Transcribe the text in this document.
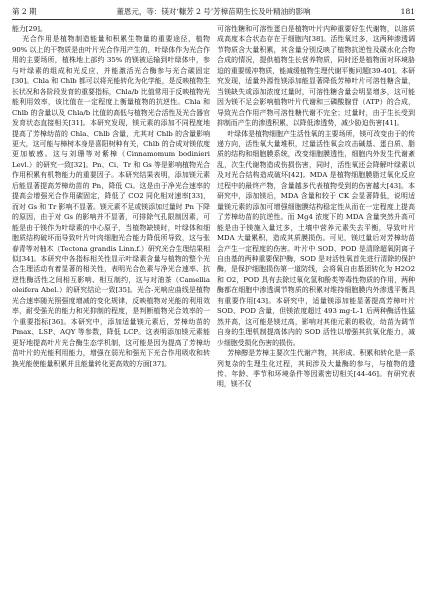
第 2 期	董恩元，等：镁对‘糠芳 2 号’芳樟苗期生长及叶精油的影响	181

能力[29]。

光合作用是植物制造能量和积累生物量的重要途径，植物 90% 以上的干物质是由叶片光合作用产生的，叶绿体作为光合作用的主要场所，植株地上部约 35% 的镁被运输到叶绿体中，参与叶绿素的组成和光反应，并能激活光合酶参与光合碳固定[30]。Chla 和 Chlb 都可以将光能转化为化学能，是反映植物生长状况和各阶段发育的重要指标，Chla/b 比值常用于反映植物光能利用效率，该比值在一定程度上衡量植物的抗逆性。Chla 和 Chlb 的含量以及 Chla/b 比值的高低与植物光合活性及光合器官发育状态直接相关[31]。本研究发现，镁元素的添加不同程度地提高了芳樟幼苗的 Chla、Chlb 含量，尤其对 Chlb 的含量影响更大，这可能与樟树本身是喜阳树种有关，Chlb 的合成对镁依度更加敏感。这与刘珊等对紫樟（Cinnamomum bodinieri Levl.）的研究一致[32]。Pn、Ci、Tr 和 Gs 等是影响植物光合作用积累有机物能力的重要因子。本研究结果表明，添加镁元素后能显著提高芳樟幼苗的 Pn，降低 Ci。这是由于净光合速率的提高会增强光合作用碳固定，降低了 CO2 同化相对速率[33]，而对 Gs 和 Tr 影响不显著。镁元素不足或镁添加过量时 Pn 下降的原因，由于对 Gs 的影响并不显著，可排除气孔限制因素，可能是由于镁作为叶绿素的中心原子，当植物缺镁时，叶绿体和细胞质结构破坏而导致叶片叶肉细胞光合能力降低所导致，这与张春青等对柚木（Tectona grandis Linn.f.）研究光合生理结果相似[34]。本研究中各指标相关性显示叶绿素含量与植物的整个光合生理活动有着显著的相关性，表明光合色素与净光合速率、抗逆性酶活性之间相互影响、相互制约，这与对油茶（Camellia oleifera Abel.）的研究结论一致[35]。光合-光响应曲线是植物光合速率随光照强度增减的变化规律，反映植物对光能的利用效率，耐受强光的能力和光抑制的程度，是判断植物光合效率的一个重要指标[36]。本研究中，添加适量镁元素后，芳樟幼苗的 Pmax、LSP、AQY 等参数，降低 LCP。这表明添加镁元素能更好地提高叶片光合酶生态学机制，这可能是因为提高了芳樟幼苗叶片的光能利用能力，增强在弱光和强光下光合作用吸收和转换光能使能量积累并且能量转化更高效的方面[37]。

可溶性糖和可溶性蛋白是植物叶片内种重要好生代谢物，以溶质成高度本合状态存在于细胞内[38]。活性氧过多，这两种渗透调节物质含大量积累，其含量分别反映了植物抗逆性及碳水化合物合成的情况，提供植物生长营养物质，同时还是植物面对环境胁迫的重要缓冲物质，能减缓植物生理代谢平衡问题[39-40]。本研究发现，适量外源性镁添加能显著降低芳樟叶片可溶性糖含量，当镁缺失或添加浓度过量时，可溶性糖含量会明显增多，这可能因为镁不足会影响植物叶片代谢和三磷酸腺苷（ATP）的合成，导致光合作用产物可溶性糖代谢不完全；过量时，由于生长受到抑制而产生的渗透积累，以降低渗透势，减少胁迫伤害[41]。

叶绿体是植物细胞产生活性氧的主要场所，镁可改变由于的传递方向，活性氧大量堆积，过量活性氧会攻击碱基、蛋白质、脂质的结构和细胞膜系统，改变细胞膜透性，细胞内外发生代谢紊乱，次生代谢物造成伤损伤害，同时，活性氧还会降解叶绿素以及对光合结构造成破坏[42]。MDA 是植物细胞膜脂过氧化反应过程中的最终产物，含量越多代表植物受到的伤害越大[43]。本研究中，添加镁后，MDA 含量和较于 CK 会显著降低，说明适量镁元素的添加可增强细胞膜结构稳定性从而在一定程度上提高了芳樟幼苗的抗逆性。而 Mg4 浓度下的 MDA 含量突然升高可能是由于镁施入量过多，土壤中营养元素失去平衡，导致叶片 MDA 大量累积，造成其质膜损伤。可见，镁过量后对芳樟幼苗会产生一定程度的伤害。叶片中 SOD、POD 是清除超氧阴离子自由基的两种重要保护酶，SOD 是对活性氧首先进行清除的保护酶，是保护细胞损伤第一道防线，会将氧自由基团转化为 H2O2 和 O2，POD 具有去除过氧化氢和酚类等毒性物质的作用，两种酶都在细胞中渗透调节物质的积累对维持细胞膜内外渗透平衡具有重要作用[43]。本研究中，适量镁添加能显著提高芳樟叶片 SOD、POD 含量，但镁浓度超过 493 mg·L-1 后两种酶活性猛然并高，这可能是镁过高，影响对其他元素的吸收，幼苗为调节自身的生理机制提高体内的 SOD 活性以增强其抗氧化能力，减少细胞受损化伤害的损伤。

芳樟醇是芳樟主要次生代谢产物，其形成、积累和转化是一系列复杂的生理生化过程，其间涉及大量酶的参与，与植物的遗传、年龄、季节和环境条件等因素密切相关[44-46]。有研究表明，镁不仅
